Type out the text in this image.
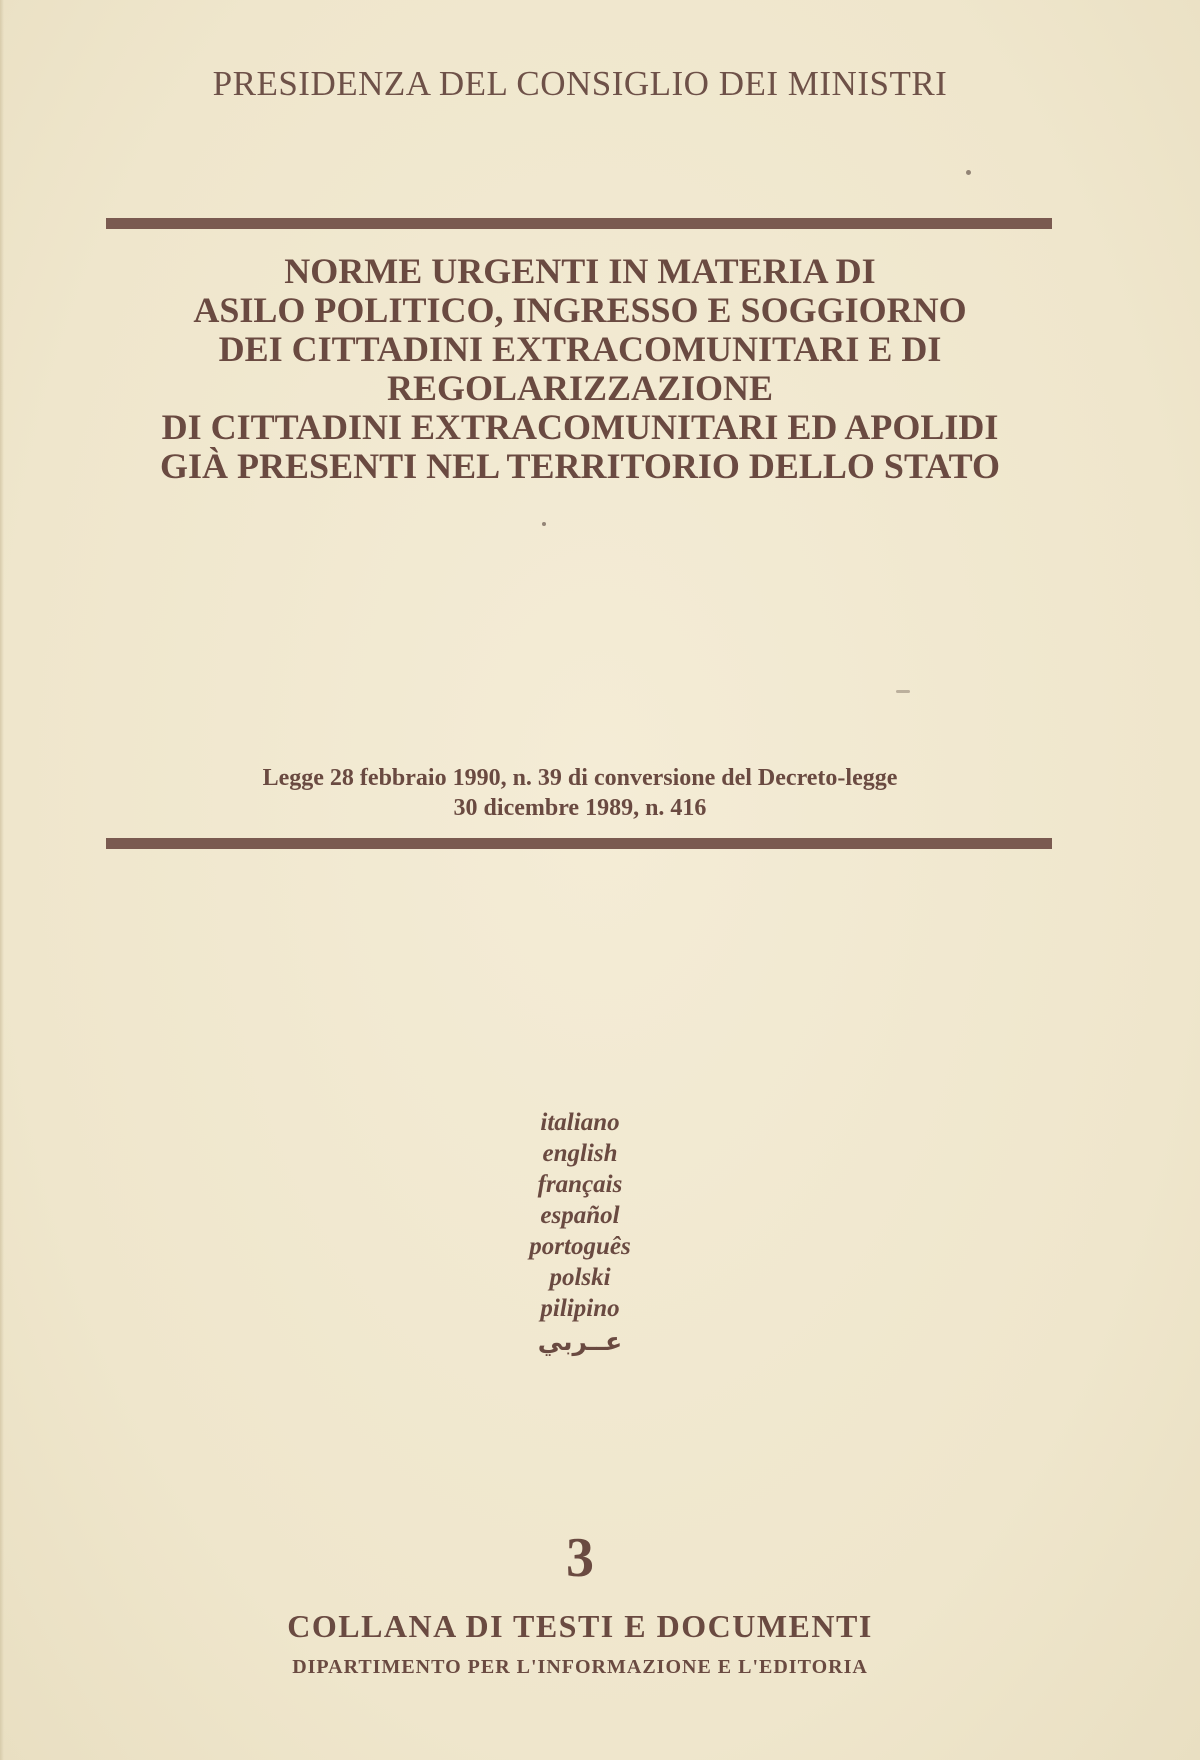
PRESIDENZA DEL CONSIGLIO DEI MINISTRI
NORME URGENTI IN MATERIA DI
ASILO POLITICO, INGRESSO E SOGGIORNO
DEI CITTADINI EXTRACOMUNITARI E DI
REGOLARIZZAZIONE
DI CITTADINI EXTRACOMUNITARI ED APOLIDI
GIÀ PRESENTI NEL TERRITORIO DELLO STATO
Legge 28 febbraio 1990, n. 39 di conversione del Decreto-legge
30 dicembre 1989, n. 416
italiano
english
français
español
portoguês
polski
pilipino
عــربي
3
COLLANA DI TESTI E DOCUMENTI
DIPARTIMENTO PER L'INFORMAZIONE E L'EDITORIA
